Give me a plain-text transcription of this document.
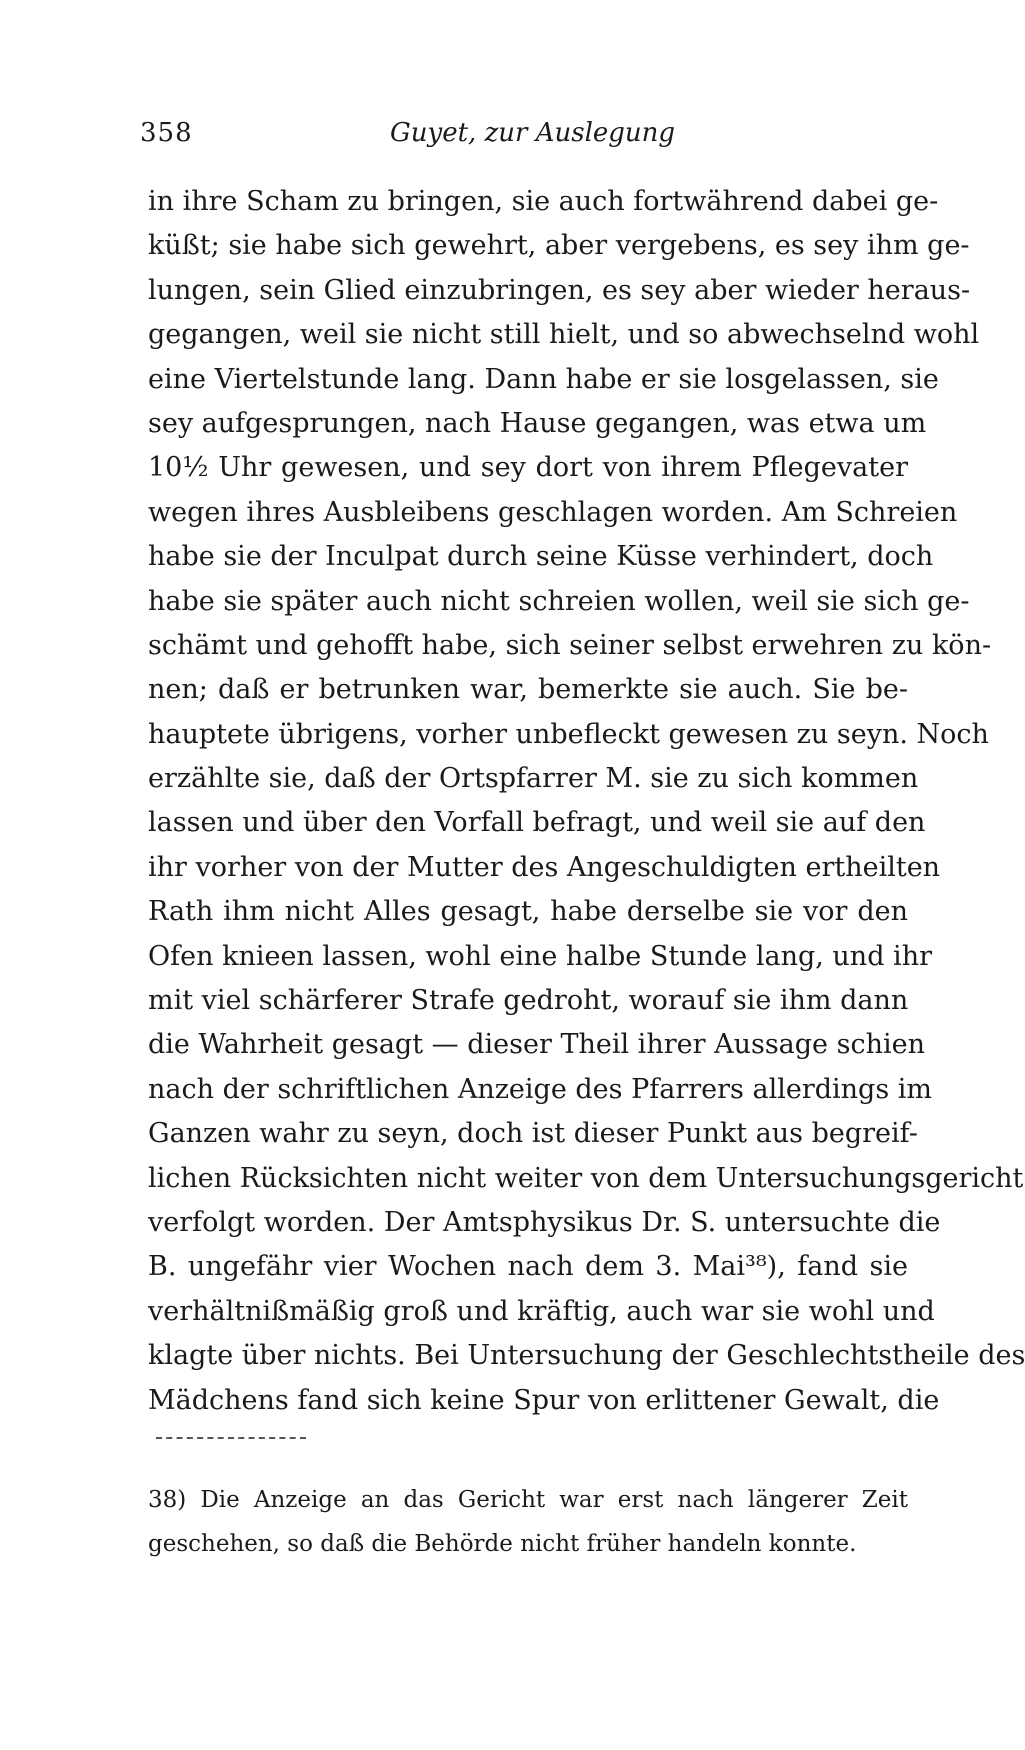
358	Guyet, zur Auslegung
in ihre Scham zu bringen, sie auch fortwährend dabei ge-
küßt; sie habe sich gewehrt, aber vergebens, es sey ihm ge-
lungen, sein Glied einzubringen, es sey aber wieder heraus-
gegangen, weil sie nicht still hielt, und so abwechselnd wohl
eine Viertelstunde lang. Dann habe er sie losgelassen, sie
sey aufgesprungen, nach Hause gegangen, was etwa um
10½ Uhr gewesen, und sey dort von ihrem Pflegevater
wegen ihres Ausbleibens geschlagen worden. Am Schreien
habe sie der Inculpat durch seine Küsse verhindert, doch
habe sie später auch nicht schreien wollen, weil sie sich ge-
schämt und gehofft habe, sich seiner selbst erwehren zu kön-
nen; daß er betrunken war, bemerkte sie auch. Sie be-
hauptete übrigens, vorher unbefleckt gewesen zu seyn. Noch
erzählte sie, daß der Ortspfarrer M. sie zu sich kommen
lassen und über den Vorfall befragt, und weil sie auf den
ihr vorher von der Mutter des Angeschuldigten ertheilten
Rath ihm nicht Alles gesagt, habe derselbe sie vor den
Ofen knieen lassen, wohl eine halbe Stunde lang, und ihr
mit viel schärferer Strafe gedroht, worauf sie ihm dann
die Wahrheit gesagt — dieser Theil ihrer Aussage schien
nach der schriftlichen Anzeige des Pfarrers allerdings im
Ganzen wahr zu seyn, doch ist dieser Punkt aus begreif-
lichen Rücksichten nicht weiter von dem Untersuchungsgericht
verfolgt worden. Der Amtsphysikus Dr. S. untersuchte die
B. ungefähr vier Wochen nach dem 3. Mai³⁸), fand sie
verhältnißmäßig groß und kräftig, auch war sie wohl und
klagte über nichts. Bei Untersuchung der Geschlechtstheile des
Mädchens fand sich keine Spur von erlittener Gewalt, die
38) Die Anzeige an das Gericht war erst nach längerer Zeit
geschehen, so daß die Behörde nicht früher handeln konnte.
